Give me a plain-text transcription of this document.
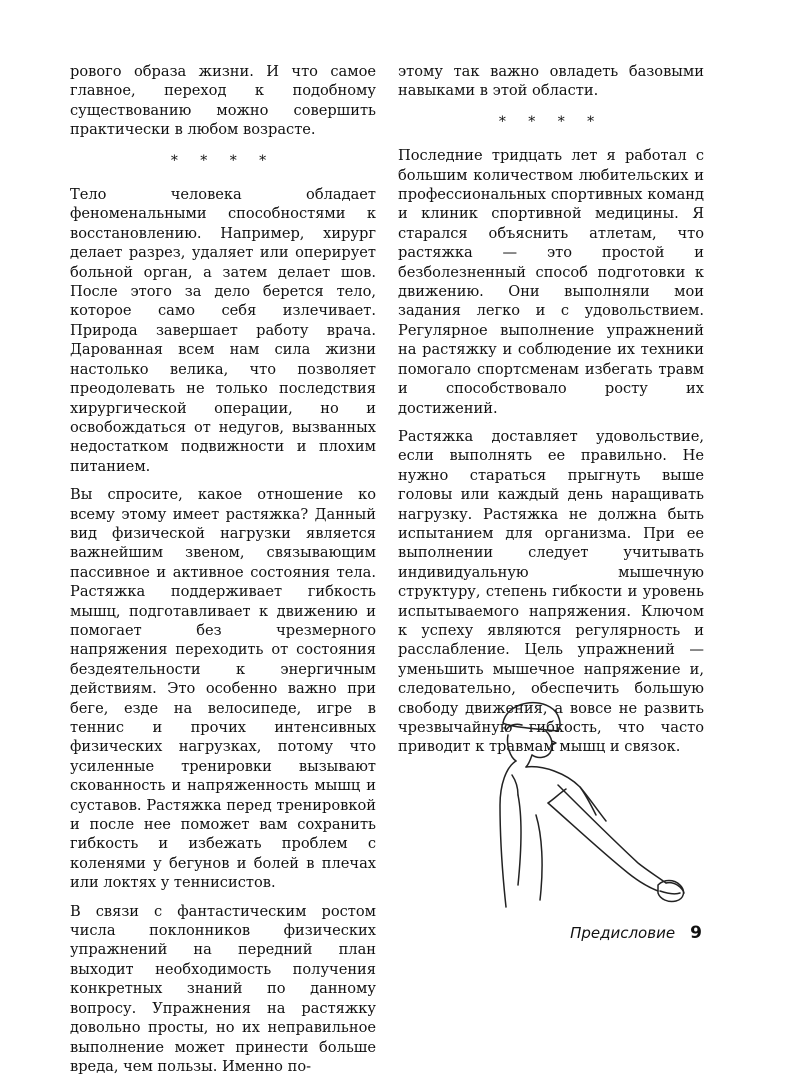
рового образа жизни. И что самое главное, переход к подобному существованию можно совершить практически в любом возрасте.

* * * *

Тело человека обладает феноменальными способностями к восстановлению. Например, хирург делает разрез, удаляет или оперирует больной орган, а затем делает шов. После этого за дело берется тело, которое само себя излечивает. Природа завершает работу врача. Дарованная всем нам сила жизни настолько велика, что позволяет преодолевать не только последствия хирургической операции, но и освобождаться от недугов, вызванных недостатком подвижности и плохим питанием.

Вы спросите, какое отношение ко всему этому имеет растяжка? Данный вид физической нагрузки является важнейшим звеном, связывающим пассивное и активное состояния тела. Растяжка поддерживает гибкость мышц, подготавливает к движению и помогает без чрезмерного напряжения переходить от состояния бездеятельности к энергичным действиям. Это особенно важно при беге, езде на велосипеде, игре в теннис и прочих интенсивных физических нагрузках, потому что усиленные тренировки вызывают скованность и напряженность мышц и суставов. Растяжка перед тренировкой и после нее поможет вам сохранить гибкость и избежать проблем с коленями у бегунов и болей в плечах или локтях у теннисистов.

В связи с фантастическим ростом числа поклонников физических упражнений на передний план выходит необходимость получения конкретных знаний по данному вопросу. Упражнения на растяжку довольно просты, но их неправильное выполнение может принести больше вреда, чем пользы. Именно по-

этому так важно овладеть базовыми навыками в этой области.

* * * *

Последние тридцать лет я работал с большим количеством любительских и профессиональных спортивных команд и клиник спортивной медицины. Я старался объяснить атлетам, что растяжка — это простой и безболезненный способ подготовки к движению. Они выполняли мои задания легко и с удовольствием. Регулярное выполнение упражнений на растяжку и соблюдение их техники помогало спортсменам избегать травм и способствовало росту их достижений.

Растяжка доставляет удовольствие, если выполнять ее правильно. Не нужно стараться прыгнуть выше головы или каждый день наращивать нагрузку. Растяжка не должна быть испытанием для организма. При ее выполнении следует учитывать индивидуальную мышечную структуру, степень гибкости и уровень испытываемого напряжения. Ключом к успеху являются регулярность и расслабление. Цель упражнений — уменьшить мышечное напряжение и, следовательно, обеспечить большую свободу движения, а вовсе не развить чрезвычайную гибкость, что часто приводит к травмам мышц и связок.

Предисловие 9
